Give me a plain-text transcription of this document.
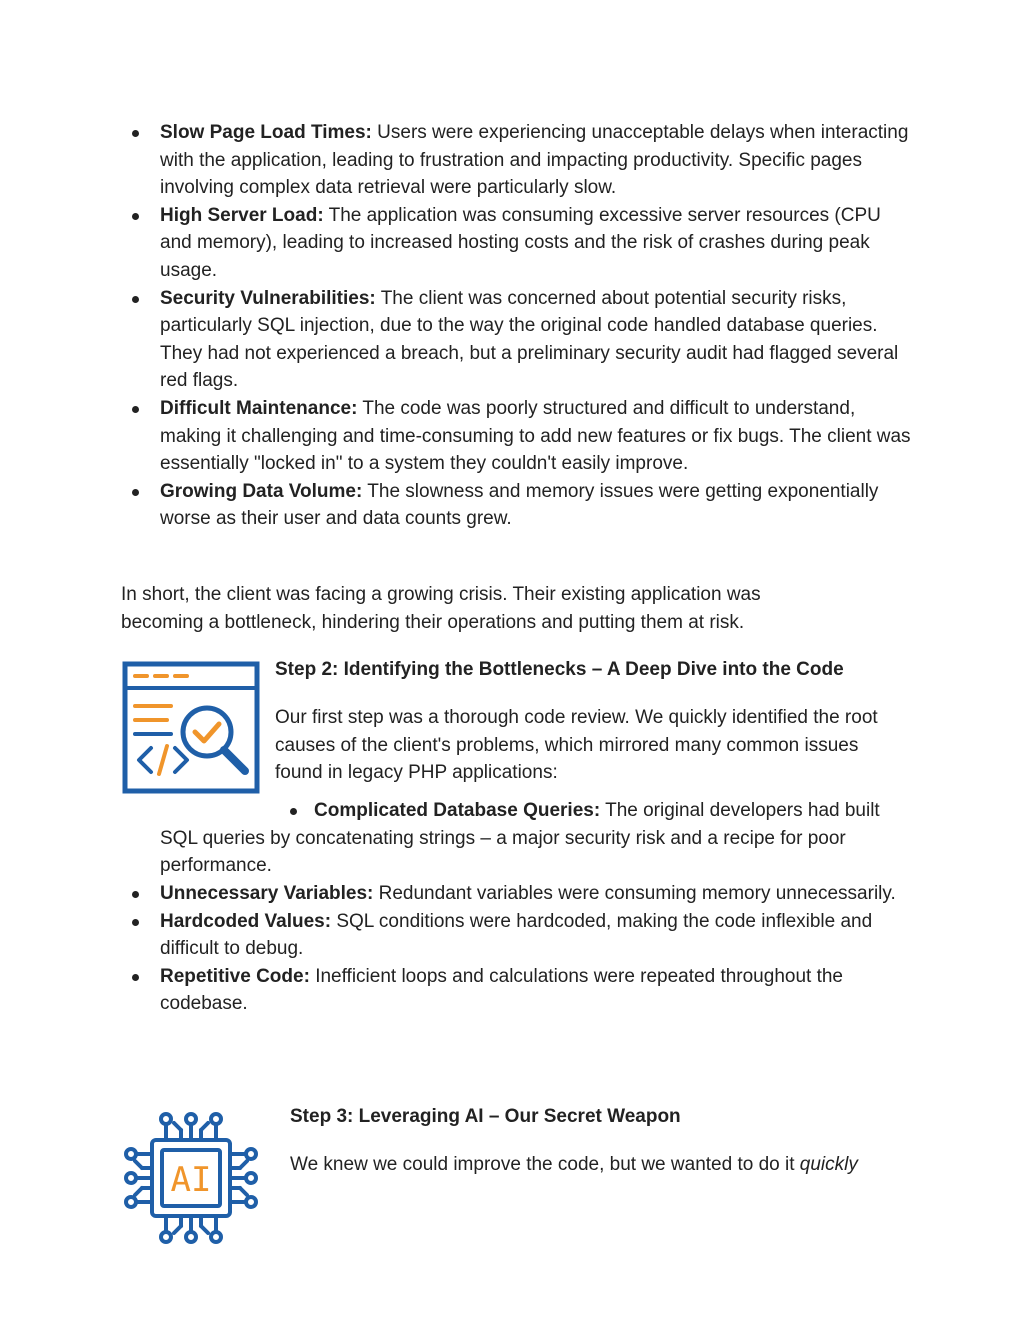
Slow Page Load Times: Users were experiencing unacceptable delays when interacting with the application, leading to frustration and impacting productivity. Specific pages involving complex data retrieval were particularly slow.
High Server Load: The application was consuming excessive server resources (CPU and memory), leading to increased hosting costs and the risk of crashes during peak usage.
Security Vulnerabilities: The client was concerned about potential security risks, particularly SQL injection, due to the way the original code handled database queries. They had not experienced a breach, but a preliminary security audit had flagged several red flags.
Difficult Maintenance: The code was poorly structured and difficult to understand, making it challenging and time-consuming to add new features or fix bugs. The client was essentially "locked in" to a system they couldn't easily improve.
Growing Data Volume: The slowness and memory issues were getting exponentially worse as their user and data counts grew.

In short, the client was facing a growing crisis. Their existing application was becoming a bottleneck, hindering their operations and putting them at risk.

Step 2: Identifying the Bottlenecks – A Deep Dive into the Code

Our first step was a thorough code review. We quickly identified the root causes of the client's problems, which mirrored many common issues found in legacy PHP applications:

Complicated Database Queries: The original developers had built SQL queries by concatenating strings – a major security risk and a recipe for poor performance.

Unnecessary Variables: Redundant variables were consuming memory unnecessarily.
Hardcoded Values: SQL conditions were hardcoded, making the code inflexible and difficult to debug.
Repetitive Code: Inefficient loops and calculations were repeated throughout the codebase.
AI
Step 3: Leveraging AI – Our Secret Weapon

We knew we could improve the code, but we wanted to do it quickly
